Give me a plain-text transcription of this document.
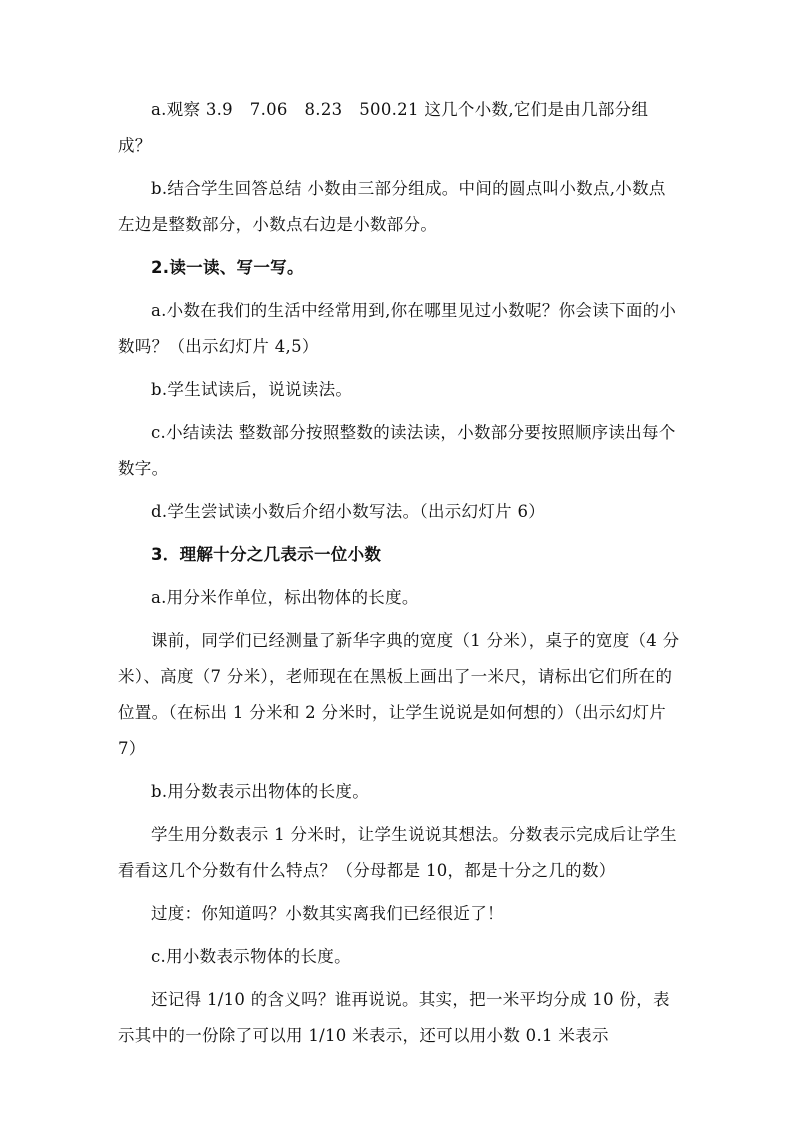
a.观察 3.9　7.06　8.23　500.21 这几个小数,它们是由几部分组成？

b.结合学生回答总结 小数由三部分组成。中间的圆点叫小数点,小数点左边是整数部分，小数点右边是小数部分。

2.读一读、写一写。

a.小数在我们的生活中经常用到,你在哪里见过小数呢？你会读下面的小数吗？（出示幻灯片 4,5）

b.学生试读后，说说读法。

c.小结读法 整数部分按照整数的读法读，小数部分要按照顺序读出每个数字。

d.学生尝试读小数后介绍小数写法。（出示幻灯片 6）

3．理解十分之几表示一位小数

a.用分米作单位，标出物体的长度。

课前，同学们已经测量了新华字典的宽度（1 分米），桌子的宽度（4 分米）、高度（7 分米），老师现在在黑板上画出了一米尺，请标出它们所在的位置。（在标出 1 分米和 2 分米时，让学生说说是如何想的）（出示幻灯片 7）

b.用分数表示出物体的长度。

学生用分数表示 1 分米时，让学生说说其想法。分数表示完成后让学生看看这几个分数有什么特点？（分母都是 10，都是十分之几的数）

过度：你知道吗？小数其实离我们已经很近了！

c.用小数表示物体的长度。

还记得 1/10 的含义吗？谁再说说。其实，把一米平均分成 10 份，表示其中的一份除了可以用 1/10 米表示，还可以用小数 0.1 米表示
